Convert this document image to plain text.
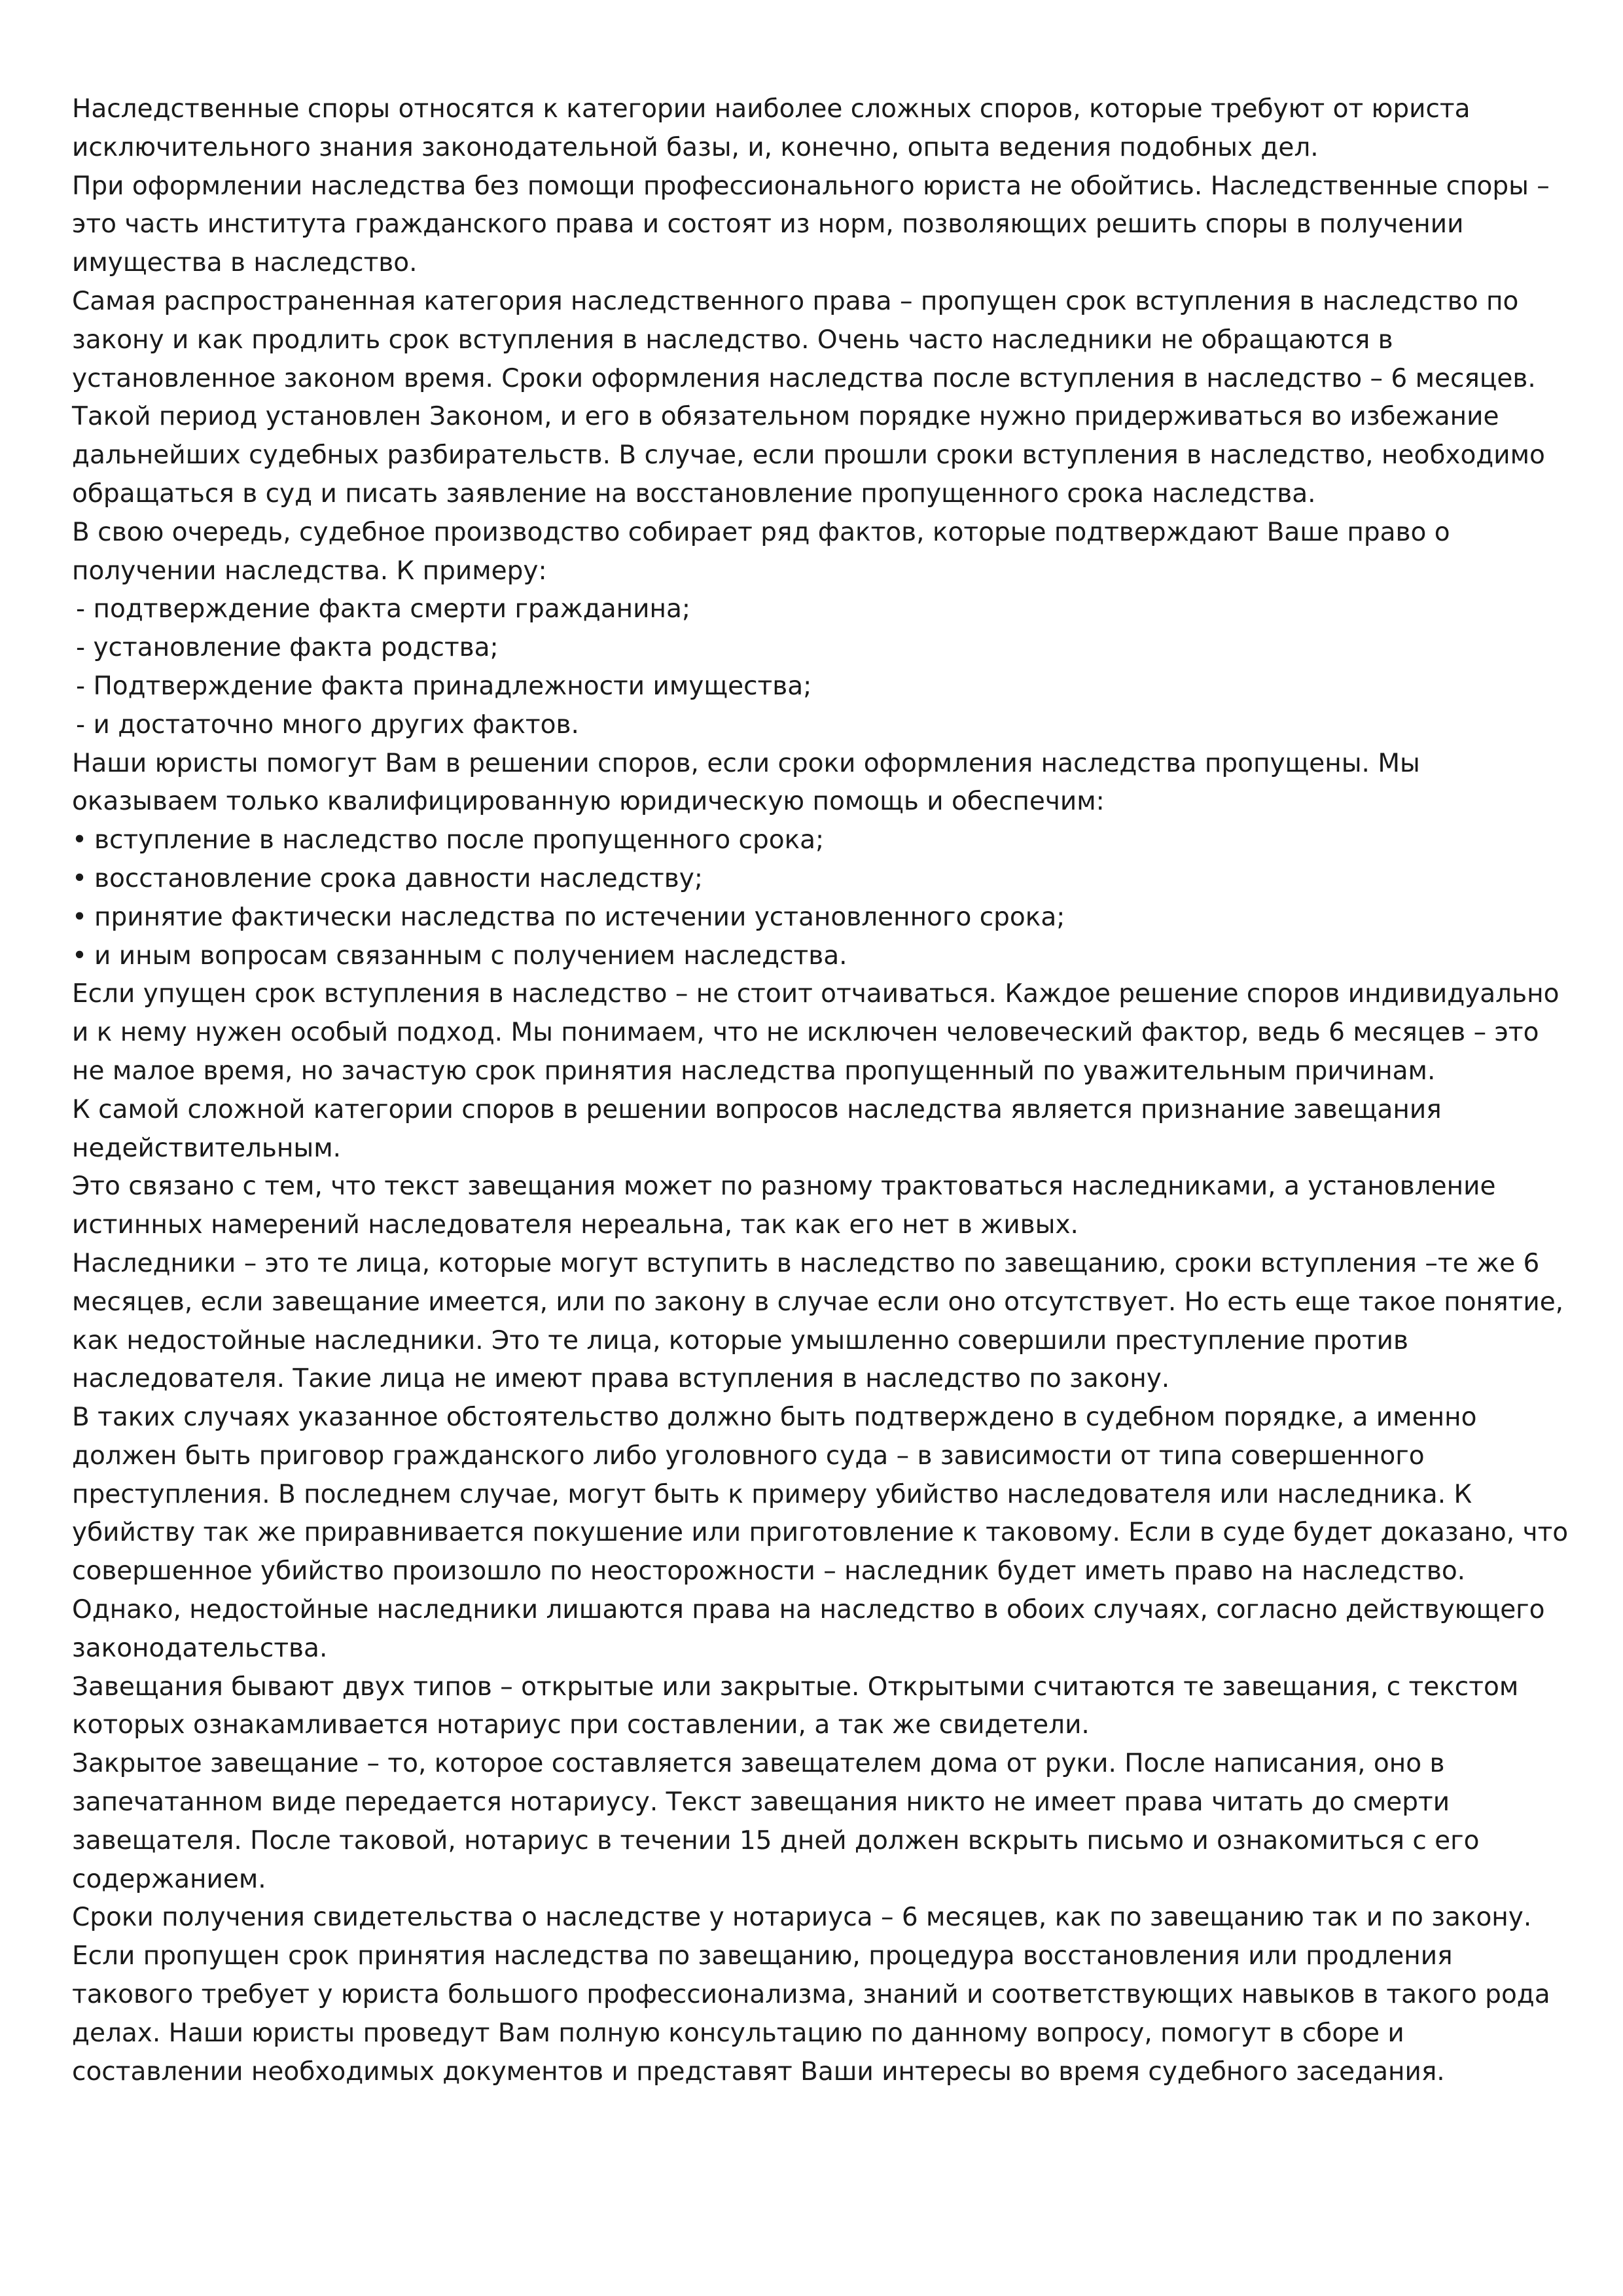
Наследственные споры относятся к категории наиболее сложных споров, которые требуют от юриста исключительного знания законодательной базы, и, конечно, опыта ведения подобных дел.

При оформлении наследства без помощи профессионального юриста не обойтись. Наследственные споры – это часть института гражданского права и состоят из норм, позволяющих решить споры в получении имущества в наследство.

Самая распространенная категория наследственного права – пропущен срок вступления в наследство по закону и как продлить срок вступления в наследство. Очень часто наследники не обращаются в установленное законом время. Сроки оформления наследства после вступления в наследство – 6 месяцев. Такой период установлен Законом, и его в обязательном порядке нужно придерживаться во избежание дальнейших судебных разбирательств. В случае, если прошли сроки вступления в наследство, необходимо обращаться в суд и писать заявление на восстановление пропущенного срока наследства.

В свою очередь, судебное производство собирает ряд фактов, которые подтверждают Ваше право о получении наследства. К примеру:

- подтверждение факта смерти гражданина;
- установление факта родства;
- Подтверждение факта принадлежности имущества;
- и достаточно много других фактов.

Наши юристы помогут Вам в решении споров, если сроки оформления наследства пропущены. Мы оказываем только квалифицированную юридическую помощь и обеспечим:

• вступление в наследство после пропущенного срока;
• восстановление срока давности наследству;
• принятие фактически наследства по истечении установленного срока;
• и иным вопросам связанным с получением наследства.

Если упущен срок вступления в наследство – не стоит отчаиваться. Каждое решение споров индивидуально и к нему нужен особый подход. Мы понимаем, что не исключен человеческий фактор, ведь 6 месяцев – это не малое время, но зачастую срок принятия наследства пропущенный по уважительным причинам.

К самой сложной категории споров в решении вопросов наследства является признание завещания недействительным.

Это связано с тем, что текст завещания может по разному трактоваться наследниками, а установление истинных намерений наследователя нереальна, так как его нет в живых.

Наследники – это те лица, которые могут вступить в наследство по завещанию, сроки вступления –те же 6 месяцев, если завещание имеется, или по закону в случае если оно отсутствует. Но есть еще такое понятие, как недостойные наследники. Это те лица, которые умышленно совершили преступление против наследователя. Такие лица не имеют права вступления в наследство по закону.

В таких случаях указанное обстоятельство должно быть подтверждено в судебном порядке, а именно должен быть приговор гражданского либо уголовного суда – в зависимости от типа совершенного преступления. В последнем случае, могут быть к примеру убийство наследователя или наследника. К убийству так же приравнивается покушение или приготовление к таковому. Если в суде будет доказано, что совершенное убийство произошло по неосторожности – наследник будет иметь право на наследство. Однако, недостойные наследники лишаются права на наследство в обоих случаях, согласно действующего законодательства.

Завещания бывают двух типов – открытые или закрытые. Открытыми считаются те завещания, с текстом которых ознакамливается нотариус при составлении, а так же свидетели.

Закрытое завещание – то, которое составляется завещателем дома от руки. После написания, оно в запечатанном виде передается нотариусу. Текст завещания никто не имеет права читать до смерти завещателя. После таковой, нотариус в течении 15 дней должен вскрыть письмо и ознакомиться с его содержанием.

Сроки получения свидетельства о наследстве у нотариуса – 6 месяцев, как по завещанию так и по закону.

Если пропущен срок принятия наследства по завещанию, процедура восстановления или продления такового требует у юриста большого профессионализма, знаний и соответствующих навыков в такого рода делах. Наши юристы проведут Вам полную консультацию по данному вопросу, помогут в сборе и составлении необходимых документов и представят Ваши интересы во время судебного заседания.
